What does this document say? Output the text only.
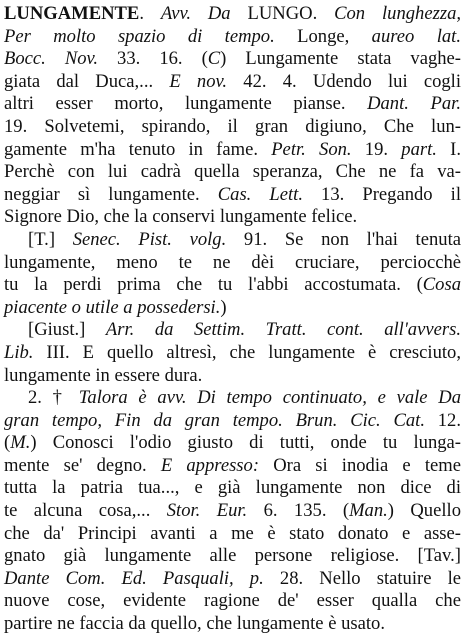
LUNGAMENTE. Avv. Da LUNGO. Con lunghezza,
Per molto spazio di tempo. Longe, aureo lat.
Bocc. Nov. 33. 16. (C) Lungamente stata vaghe-
giata dal Duca,... E nov. 42. 4. Udendo lui cogli
altri esser morto, lungamente pianse. Dant. Par.
19. Solvetemi, spirando, il gran digiuno, Che lun-
gamente m'ha tenuto in fame. Petr. Son. 19. part. I.
Perchè con lui cadrà quella speranza, Che ne fa va-
neggiar sì lungamente. Cas. Lett. 13. Pregando il
Signore Dio, che la conservi lungamente felice.
[T.] Senec. Pist. volg. 91. Se non l'hai tenuta
lungamente, meno te ne dèi cruciare, perciocchè
tu la perdi prima che tu l'abbi accostumata. (Cosa
piacente o utile a possedersi.)
[Giust.] Arr. da Settim. Tratt. cont. all'avvers.
Lib. III. E quello altresì, che lungamente è cresciuto,
lungamente in essere dura.
2. † Talora è avv. Di tempo continuato, e vale Da
gran tempo, Fin da gran tempo. Brun. Cic. Cat. 12.
(M.) Conosci l'odio giusto di tutti, onde tu lunga-
mente se' degno. E appresso: Ora si inodia e teme
tutta la patria tua..., e già lungamente non dice di
te alcuna cosa,... Stor. Eur. 6. 135. (Man.) Quello
che da' Principi avanti a me è stato donato e asse-
gnato già lungamente alle persone religiose. [Tav.]
Dante Com. Ed. Pasquali, p. 28. Nello statuire le
nuove cose, evidente ragione de' esser qualla che
partire ne faccia da quello, che lungamente è usato.
